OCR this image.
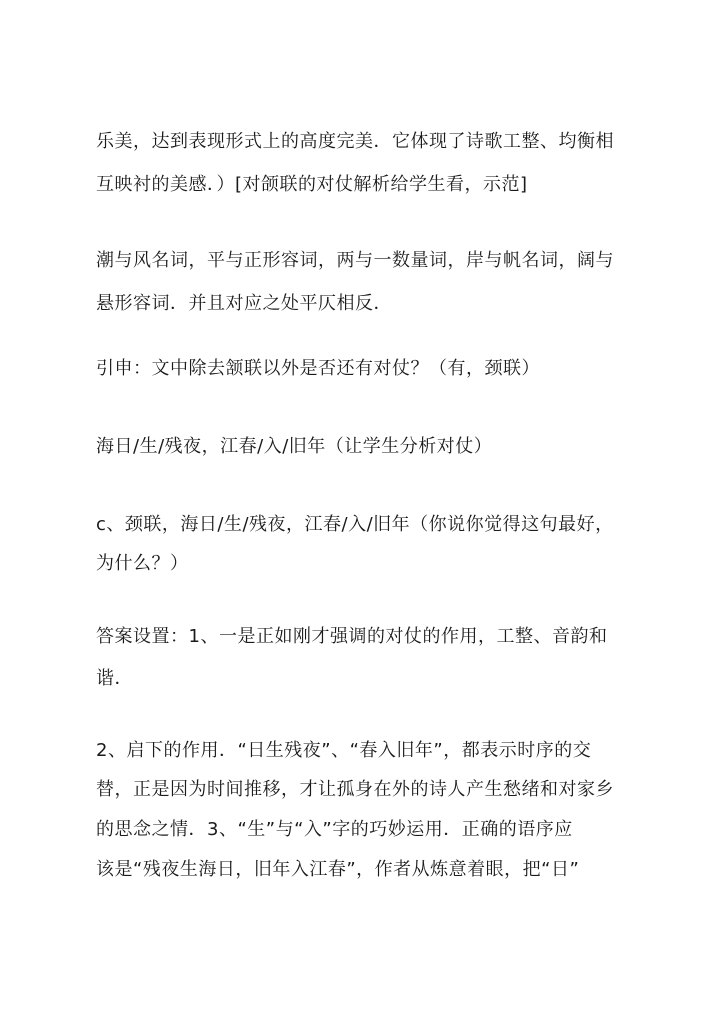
乐美，达到表现形式上的高度完美．它体现了诗歌工整、均衡相
互映衬的美感．）[对颌联的对仗解析给学生看，示范]
潮与风名词，平与正形容词，两与一数量词，岸与帆名词，阔与
悬形容词．并且对应之处平仄相反．
引申：文中除去颔联以外是否还有对仗？（有，颈联）
海日/生/残夜，江春/入/旧年（让学生分析对仗）
c、颈联，海日/生/残夜，江春/入/旧年（你说你觉得这句最好，
为什么？）
答案设置：1、一是正如刚才强调的对仗的作用，工整、音韵和
谐．
2、启下的作用．“日生残夜”、“春入旧年”，都表示时序的交
替，正是因为时间推移，才让孤身在外的诗人产生愁绪和对家乡
的思念之情．3、“生”与“入”字的巧妙运用．正确的语序应
该是“残夜生海日，旧年入江春”，作者从炼意着眼，把“日”
